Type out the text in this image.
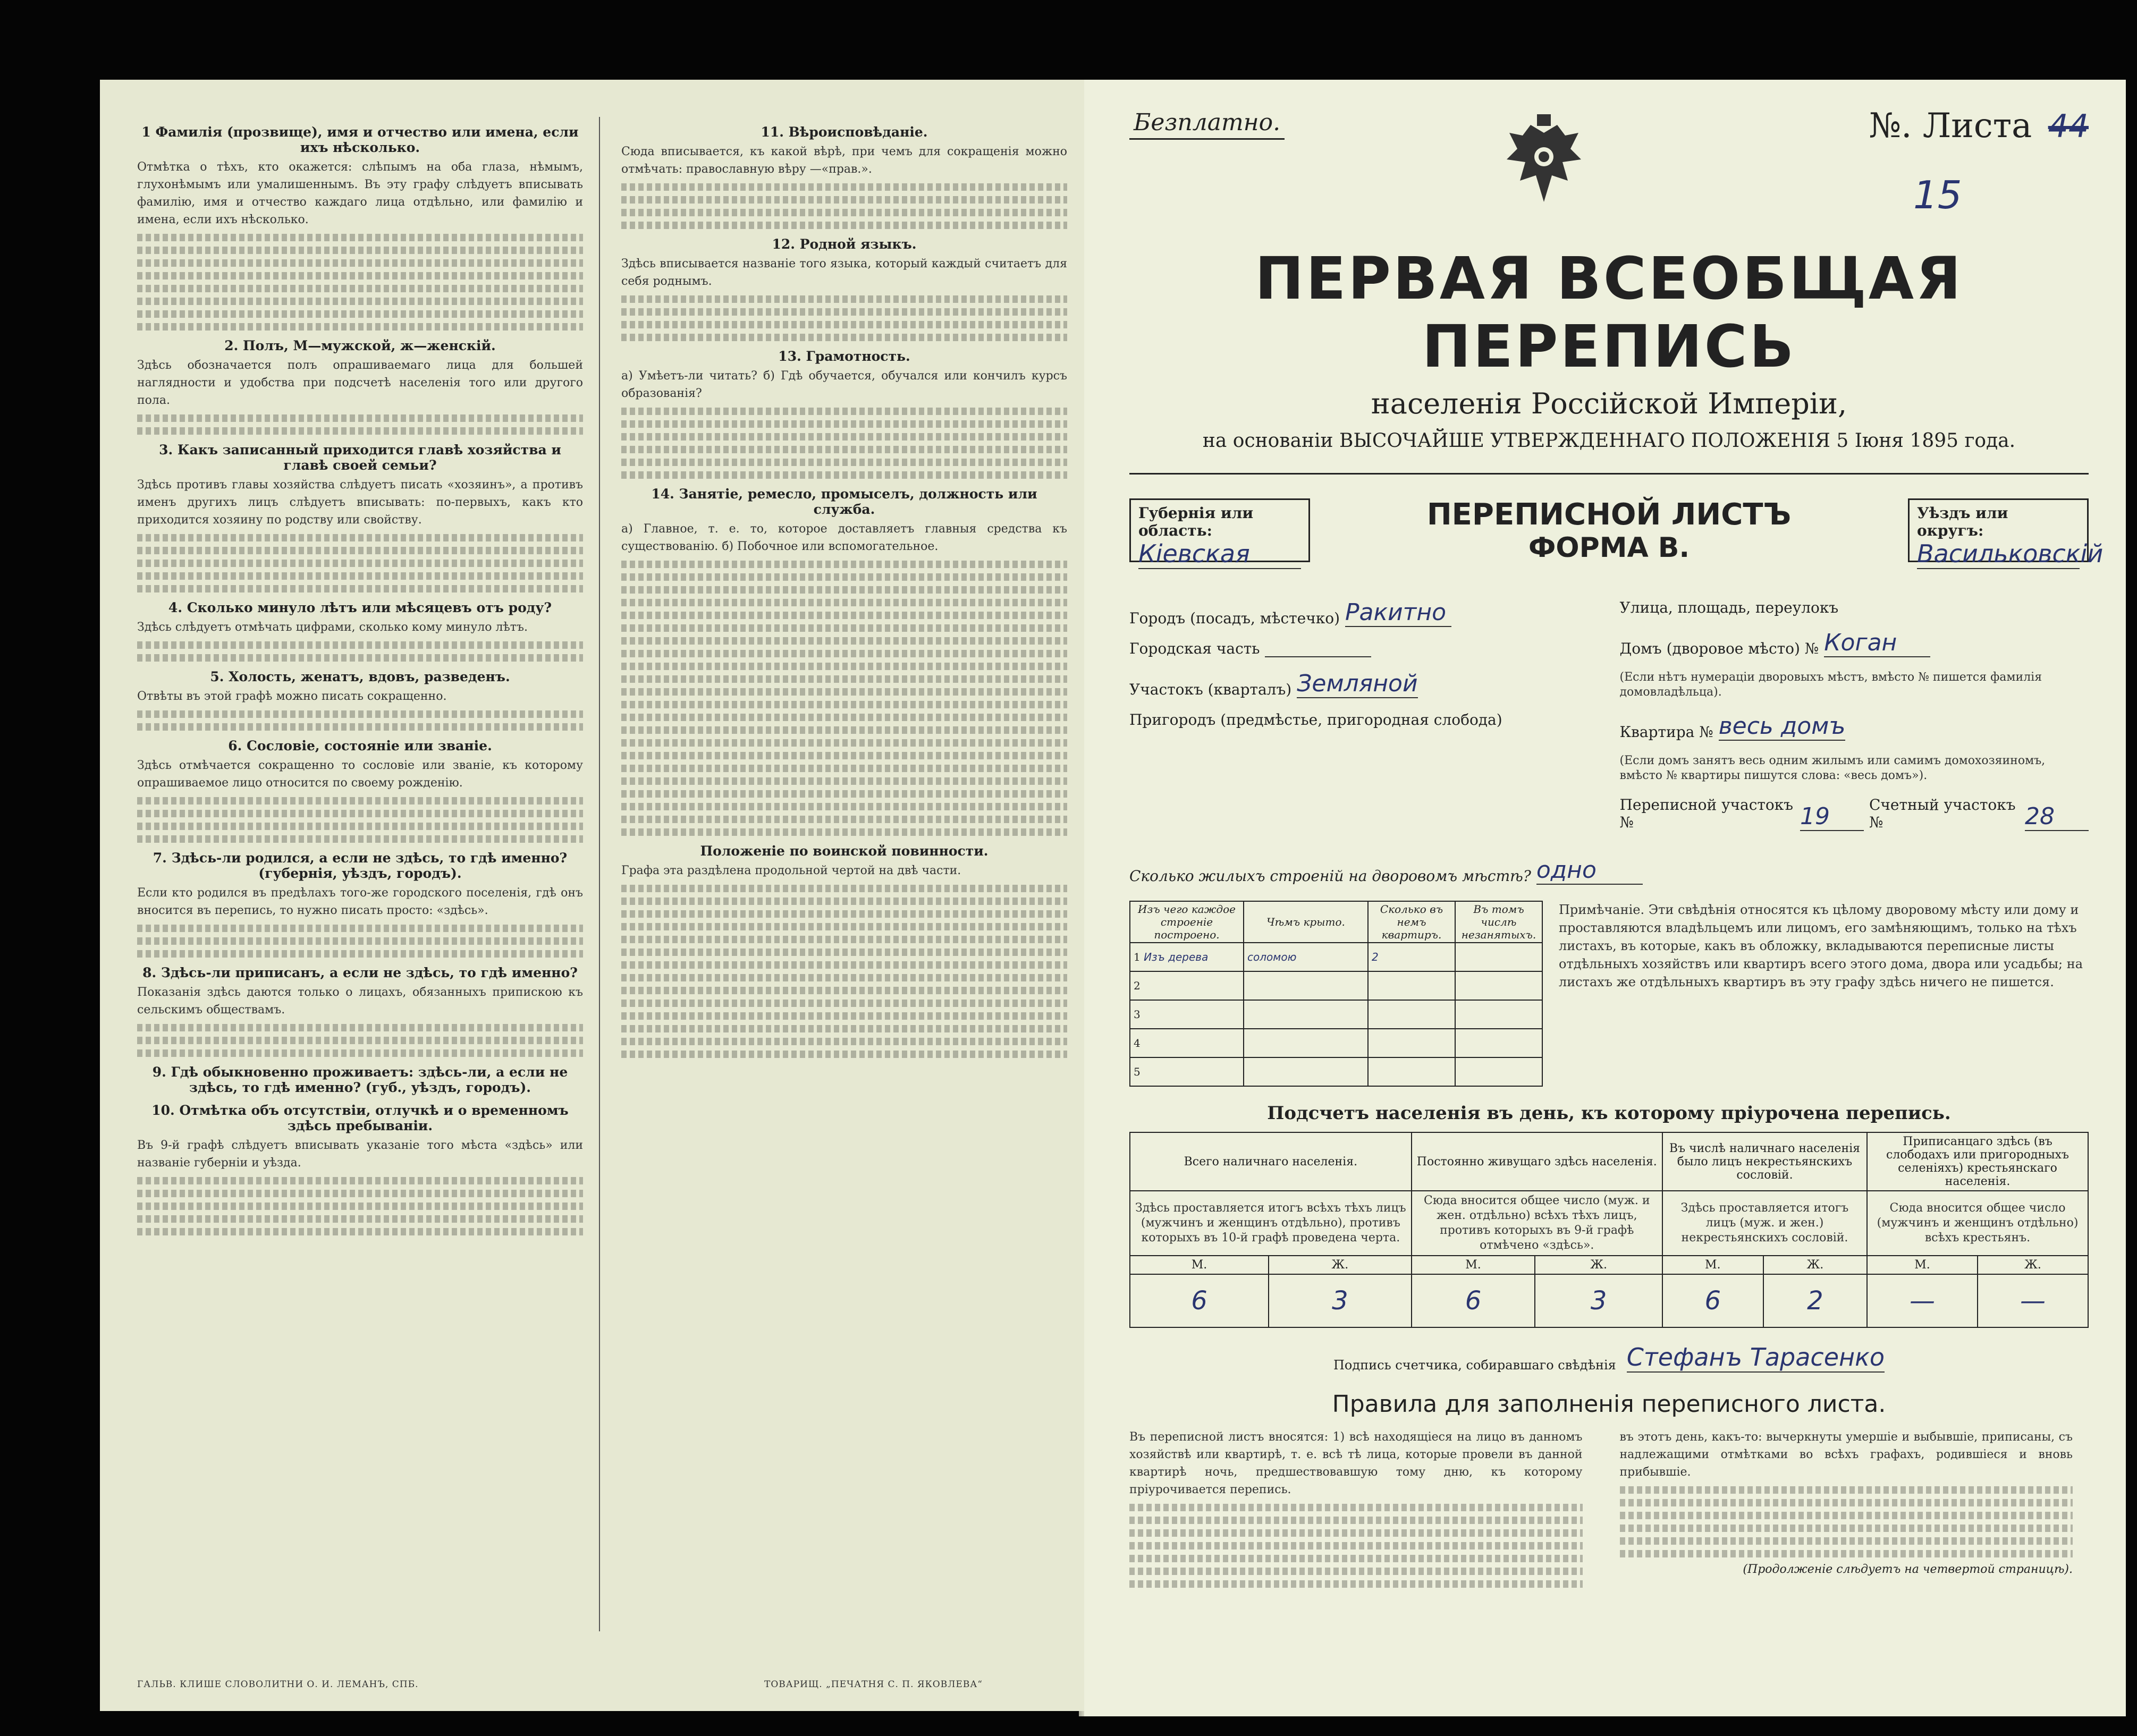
1 Фамилія (прозвище), имя и отчество или имена, если ихъ нѣсколько.
Отмѣтка о тѣхъ, кто окажется: слѣпымъ на оба глаза, нѣмымъ, глухонѣмымъ или умалишеннымъ. Въ эту графу слѣдуетъ вписывать фамилію, имя и отчество каждаго лица отдѣльно, или фамилію и имена, если ихъ нѣсколько.
2. Полъ, М—мужской, ж—женскій.
Здѣсь обозначается полъ опрашиваемаго лица для большей наглядности и удобства при подсчетѣ населенія того или другого пола.
3. Какъ записанный приходится главѣ хозяйства и главѣ своей семьи?
Здѣсь противъ главы хозяйства слѣдуетъ писать «хозяинъ», а противъ именъ другихъ лицъ слѣдуетъ вписывать: по-первыхъ, какъ кто приходится хозяину по родству или свойству.
4. Сколько минуло лѣтъ или мѣсяцевъ отъ роду?
Здѣсь слѣдуетъ отмѣчать цифрами, сколько кому минуло лѣтъ.
5. Холость, женатъ, вдовъ, разведенъ.
Отвѣты въ этой графѣ можно писать сокращенно.
6. Сословіе, состояніе или званіе.
Здѣсь отмѣчается сокращенно то сословіе или званіе, къ которому опрашиваемое лицо относится по своему рожденію.
7. Здѣсь-ли родился, а если не здѣсь, то гдѣ именно? (губернія, уѣздъ, городъ).
Если кто родился въ предѣлахъ того-же городского поселенія, гдѣ онъ вносится въ перепись, то нужно писать просто: «здѣсь».
8. Здѣсь-ли приписанъ, а если не здѣсь, то гдѣ именно?
Показанія здѣсь даются только о лицахъ, обязанныхъ припискою къ сельскимъ обществамъ.
9. Гдѣ обыкновенно проживаетъ: здѣсь-ли, а если не здѣсь, то гдѣ именно? (губ., уѣздъ, городъ).
10. Отмѣтка объ отсутствіи, отлучкѣ и о временномъ здѣсь пребываніи.
Въ 9-й графѣ слѣдуетъ вписывать указаніе того мѣста «здѣсь» или названіе губерніи и уѣзда.
11. Вѣроисповѣданіе.
Сюда вписывается, къ какой вѣрѣ, при чемъ для сокращенія можно отмѣчать: православную вѣру —«прав.».
12. Родной языкъ.
Здѣсь вписывается названіе того языка, который каждый считаетъ для себя роднымъ.
13. Грамотность.
а) Умѣетъ-ли читать? б) Гдѣ обучается, обучался или кончилъ курсъ образованія?
14. Занятіе, ремесло, промыселъ, должность или служба.
а) Главное, т. е. то, которое доставляетъ главныя средства къ существованію. б) Побочное или вспомогательное.
Положеніе по воинской повинности.
Графа эта раздѣлена продольной чертой на двѣ части.
ГАЛЬВ. КЛИШЕ СЛОВОЛИТНИ О. И. ЛЕМАНЪ, СПБ.	ТОВАРИЩ. „ПЕЧАТНЯ С. П. ЯКОВЛЕВА“
Безплатно.	№. Листа 44
15
ПЕРВАЯ ВСЕОБЩАЯ ПЕРЕПИСЬ
населенія Россійской Имперіи,
на основаніи ВЫСОЧАЙШЕ УТВЕРЖДЕННАГО ПОЛОЖЕНІЯ 5 Іюня 1895 года.
Губернія или область:
Кіевская
ПЕРЕПИСНОЙ ЛИСТЪ
ФОРМА В.
Уѣздъ или округъ:
Васильковскій
Городъ (посадъ, мѣстечко) Ракитно
Городская часть
Участокъ (кварталъ) Земляной
Пригородъ (предмѣстье, пригородная слобода)
Улица, площадь, переулокъ
Домъ (дворовое мѣсто) № Коган
(Если нѣтъ нумераціи дворовыхъ мѣстъ, вмѣсто № пишется фамилія домовладѣльца).
Квартира № весь домъ
(Если домъ занятъ весь одним жилымъ или самимъ домохозяиномъ, вмѣсто № квартиры пишутся слова: «весь домъ»).
Переписной участокъ №	19	Счетный участокъ №	28
Сколько жилыхъ строеній на дворовомъ мѣстѣ? одно
Изъ чего каждое строеніе построено.	Чѣмъ крыто.	Сколько въ немъ квартиръ.	Въ томъ числѣ незанятыхъ.
1 Изъ дерева	соломою	2	
2			
3			
4			
5			
Примѣчаніе. Эти свѣдѣнія относятся къ цѣлому дворовому мѣсту или дому и проставляются владѣльцемъ или лицомъ, его замѣняющимъ, только на тѣхъ листахъ, въ которые, какъ въ обложку, вкладываются переписные листы отдѣльныхъ хозяйствъ или квартиръ всего этого дома, двора или усадьбы; на листахъ же отдѣльныхъ квартиръ въ эту графу здѣсь ничего не пишется.
Подсчетъ населенія въ день, къ которому пріурочена перепись.
Всего наличнаго населенія.		Постоянно живущаго здѣсь населенія.		Въ числѣ наличнаго населенія было лицъ некрестьянскихъ сословій.		Приписанцаго здѣсь (въ слободахъ или пригородныхъ селеніяхъ) крестьянскаго населенія.	
Здѣсь проставляется итогъ всѣхъ тѣхъ лицъ (мужчинъ и женщинъ отдѣльно), противъ которыхъ въ 10-й графѣ проведена черта.		Сюда вносится общее число (муж. и жен. отдѣльно) всѣхъ тѣхъ лицъ, противъ которыхъ въ 9-й графѣ отмѣчено «здѣсь».		Здѣсь проставляется итогъ лицъ (муж. и жен.) некрестьянскихъ сословій.		Сюда вносится общее число (мужчинъ и женщинъ отдѣльно) всѣхъ крестьянъ.	
М.	Ж.	М.	Ж.	М.	Ж.	М.	Ж.
6	3	6	3	6	2	—	—
Подпись счетчика, собиравшаго свѣдѣнія Стефанъ Тарасенко
Правила для заполненія переписного листа.
Въ переписной листъ вносятся: 1) всѣ находящіеся на лицо въ данномъ хозяйствѣ или квартирѣ, т. е. всѣ тѣ лица, которые провели въ данной квартирѣ ночь, предшествовавшую тому дню, къ которому пріурочивается перепись.
въ этотъ день, какъ-то: вычеркнуты умершіе и выбывшіе, приписаны, съ надлежащими отмѣтками во всѣхъ графахъ, родившіеся и вновь прибывшіе.
(Продолженіе слѣдуетъ на четвертой страницѣ).
